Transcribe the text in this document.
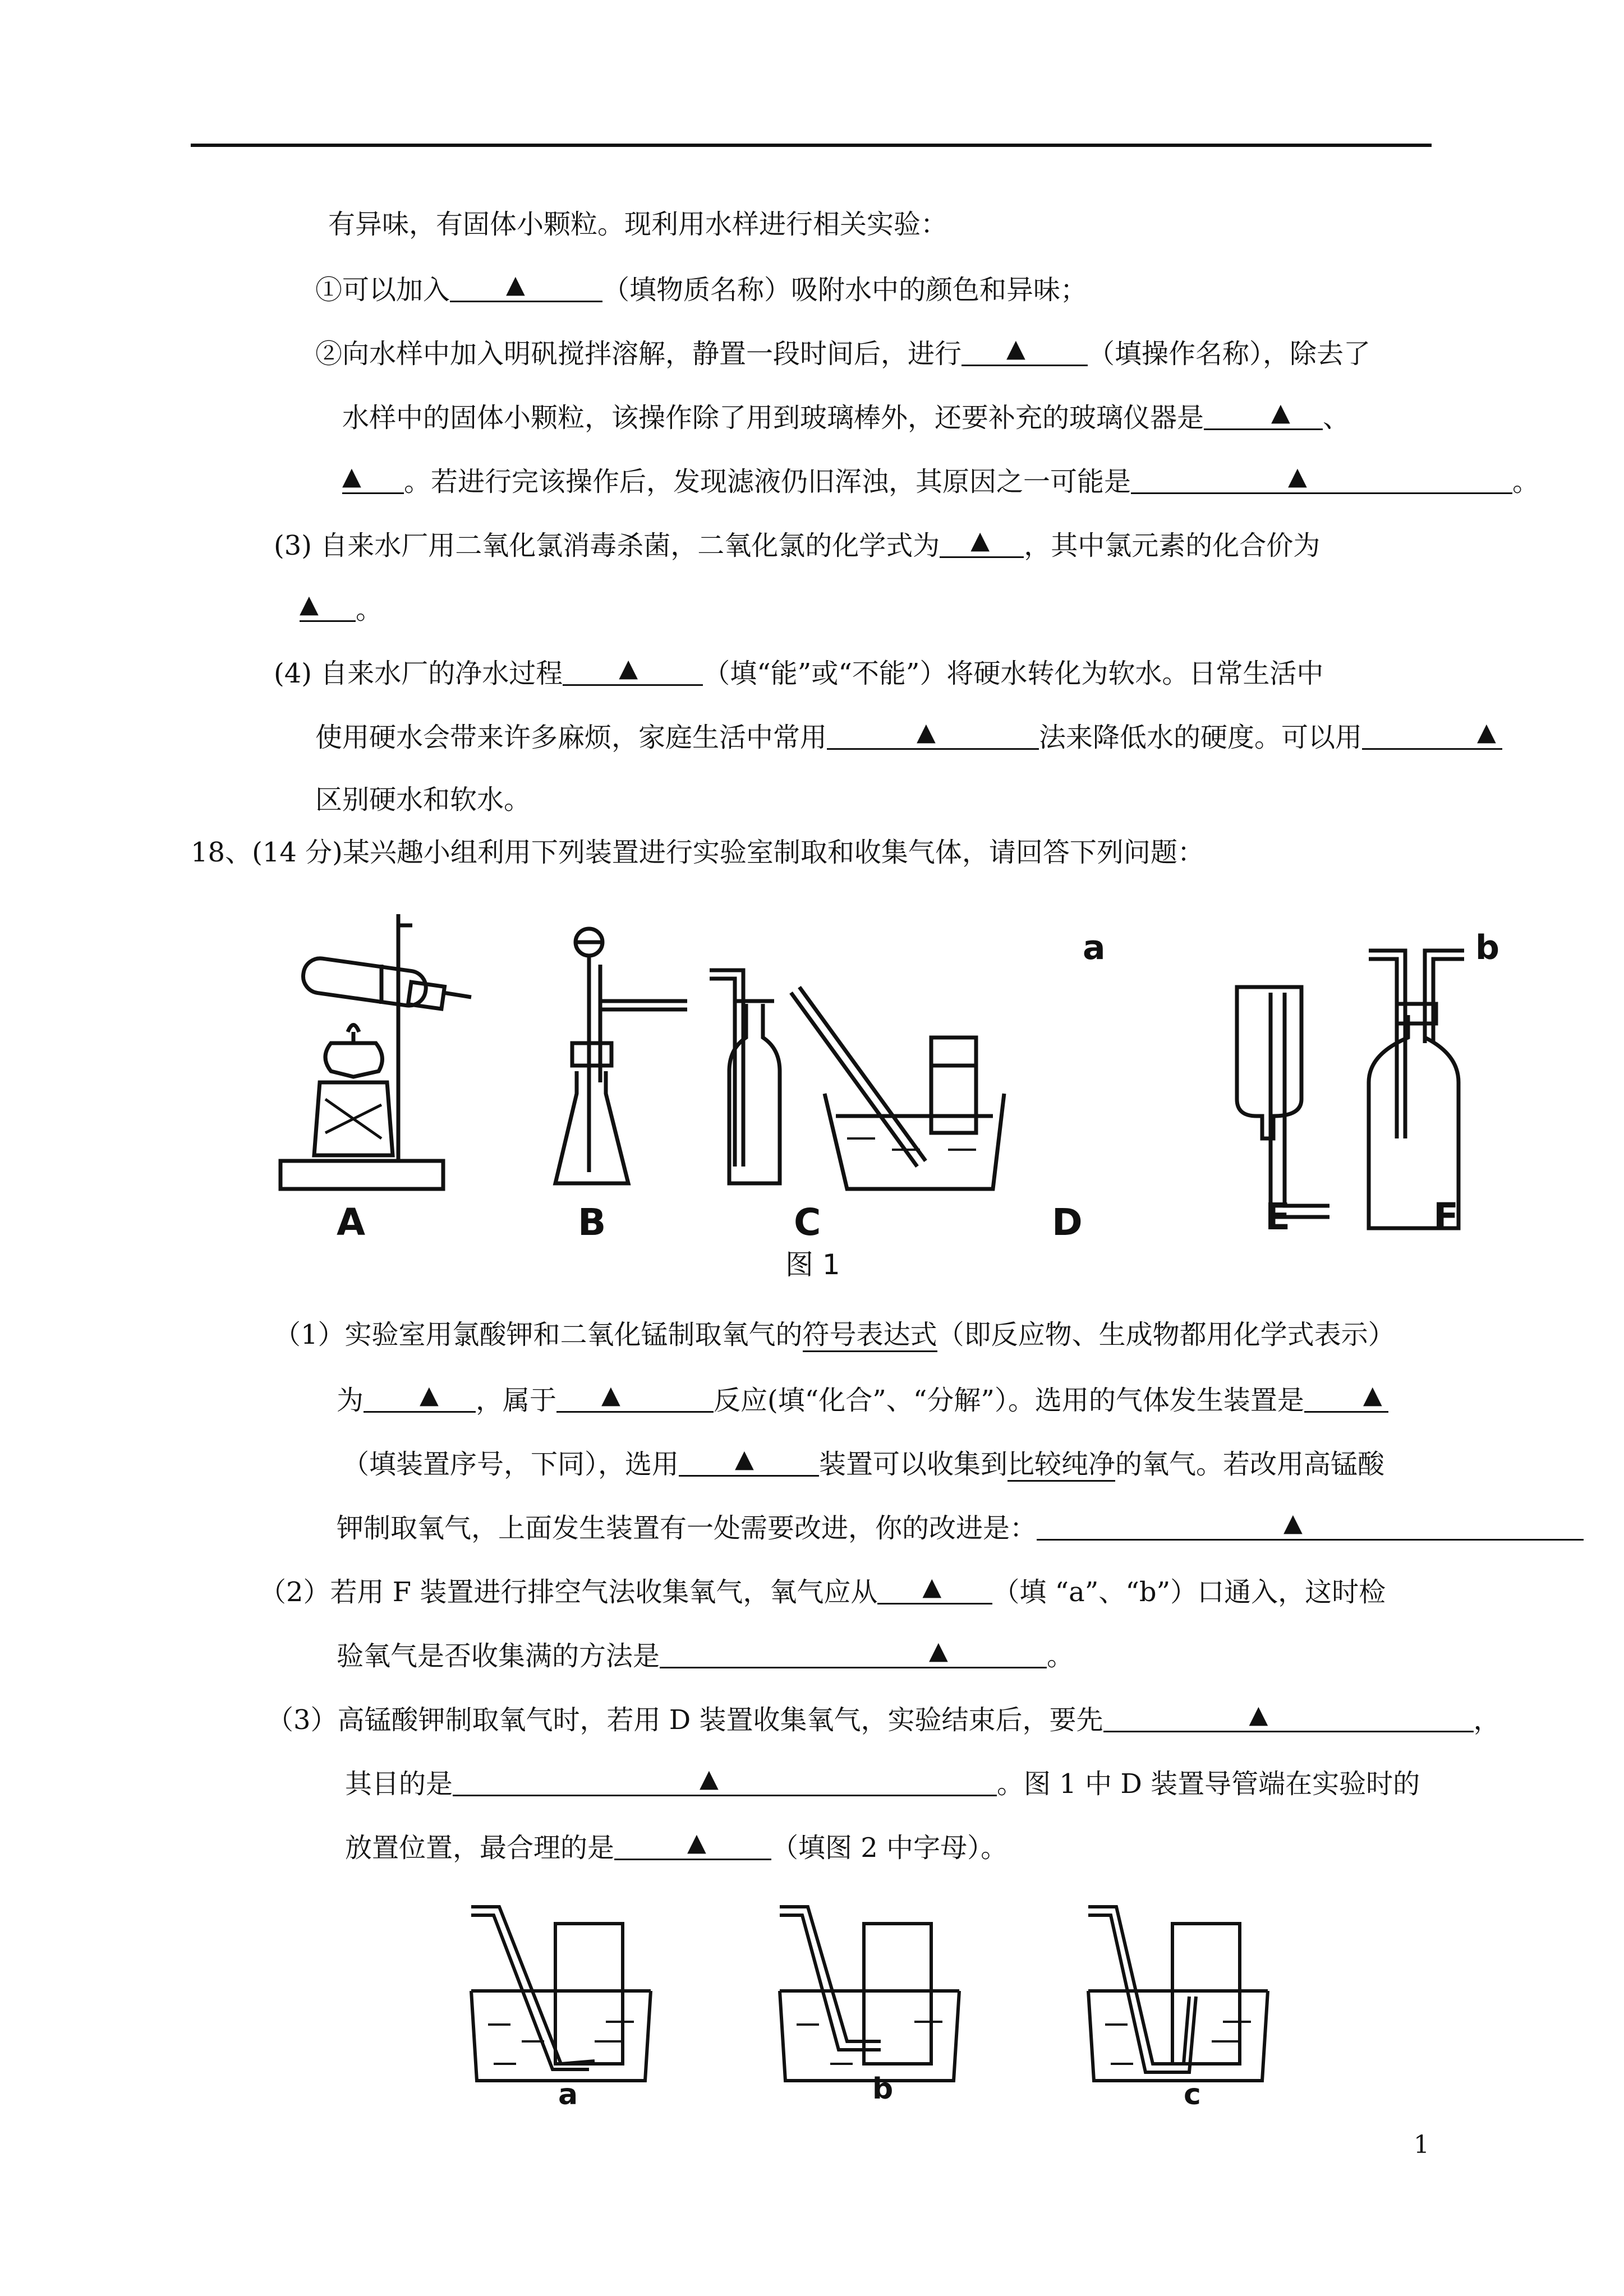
有异味，有固体小颗粒。现利用水样进行相关实验：
①可以加入 ▲	（填物质名称）吸附水中的颜色和异味；
②向水样中加入明矾搅拌溶解，静置一段时间后，进行 ▲ （填操作名称），除去了
水样中的固体小颗粒，该操作除了用到玻璃棒外，还要补充的玻璃仪器是	▲ 、
▲ 。若进行完该操作后，发现滤液仍旧浑浊，其原因之一可能是	▲	。
(3) 自来水厂用二氧化氯消毒杀菌，二氧化氯的化学式为 ▲ ，其中氯元素的化合价为
▲ 。
(4) 自来水厂的净水过程 ▲ （填“能”或“不能”）将硬水转化为软水。日常生活中
使用硬水会带来许多麻烦，家庭生活中常用	▲	法来降低水的硬度。可以用	▲
区别硬水和软水。
18、(14 分)某兴趣小组利用下列装置进行实验室制取和收集气体，请回答下列问题：
a	b
A	B	C	D	E	F
图 1
（1）实验室用氯酸钾和二氧化锰制取氧气的符号表达式（即反应物、生成物都用化学式表示）
为 ▲ ，属于 ▲	反应(填“化合”、“分解”）。选用的气体发生装置是 ▲
（填装置序号，下同），选用 ▲ 装置可以收集到比较纯净的氧气。若改用高锰酸
钾制取氧气，上面发生装置有一处需要改进，你的改进是：	▲
（2）若用 F 装置进行排空气法收集氧气，氧气应从 ▲ （填 “a”、“b”）口通入，这时检
验氧气是否收集满的方法是	▲	。
（3）高锰酸钾制取氧气时，若用 D 装置收集氧气，实验结束后，要先	▲	，
其目的是	▲	。图 1 中 D 装置导管端在实验时的
放置位置，最合理的是	▲ （填图 2 中字母）。
a	b	c
1
